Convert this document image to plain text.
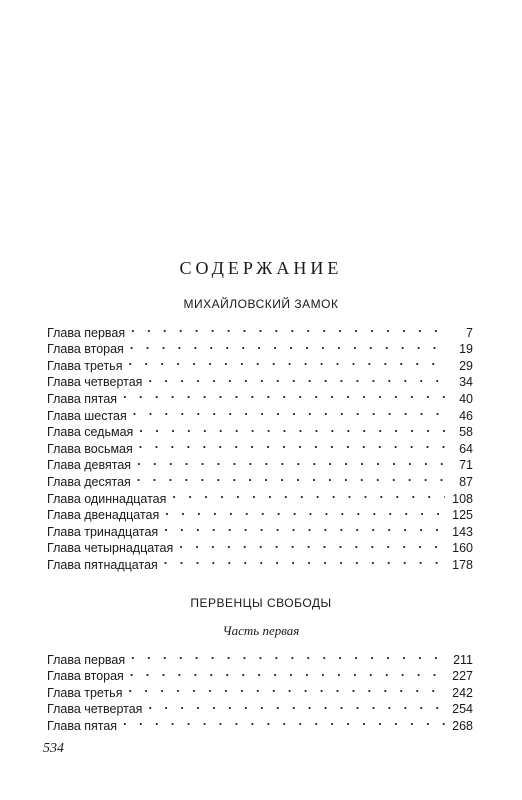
СОДЕРЖАНИЕ
МИХАЙЛОВСКИЙ ЗАМОК
Глава первая . . .	7
Глава вторая . . .	19
Глава третья . . .	29
Глава четвертая . . .	34
Глава пятая . . .	40
Глава шестая . . .	46
Глава седьмая . . .	58
Глава восьмая . . .	64
Глава девятая . . .	71
Глава десятая . . .	87
Глава одиннадцатая . . .	108
Глава двенадцатая . . .	125
Глава тринадцатая . . .	143
Глава четырнадцатая . . .	160
Глава пятнадцатая . . .	178
ПЕРВЕНЦЫ СВОБОДЫ
Часть первая
Глава первая . . .	211
Глава вторая . . .	227
Глава третья . . .	242
Глава четвертая . . .	254
Глава пятая . . .	268
534
